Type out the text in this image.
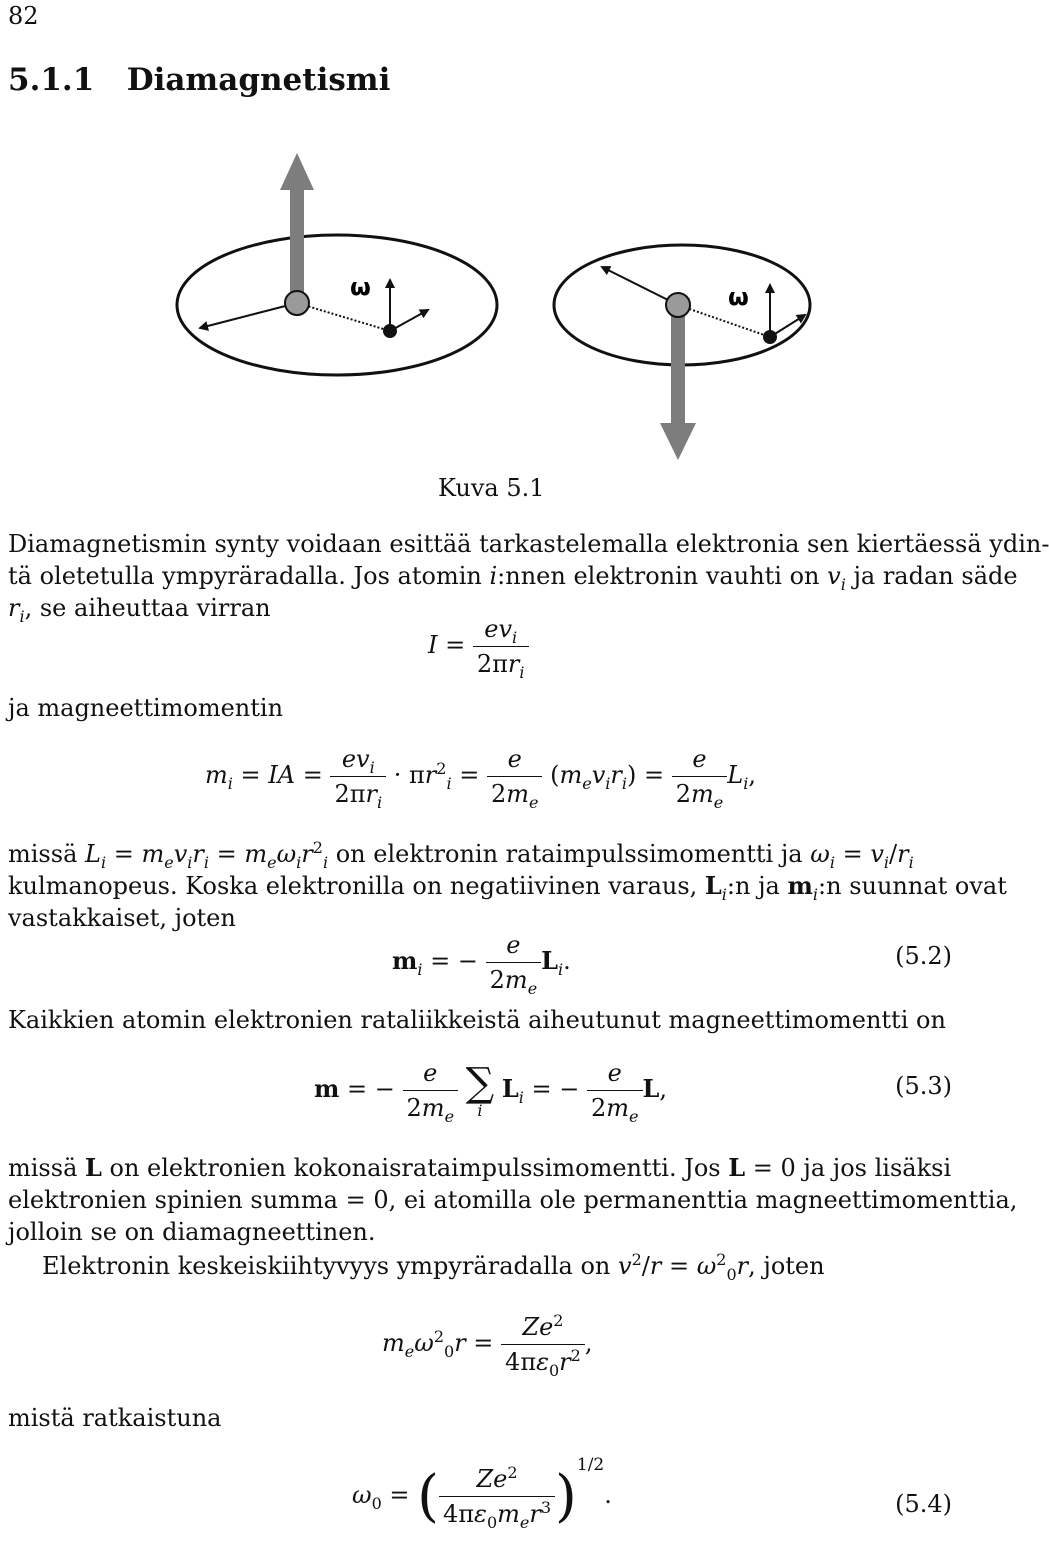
82
5.1.1 Diamagnetismi
ω	ω
Kuva 5.1
Diamagnetismin synty voidaan esittää tarkastelemalla elektronia sen kiertäessä ydin-
tä oletetulla ympyräradalla. Jos atomin i:nnen elektronin vauhti on $v_i$ ja radan säde
$r_i$, se aiheuttaa virran
$I = \frac{ev_i}{2\pi r_i}$
ja magneettimomentin
$m_i$ = IA = $\frac{ev_i}{2\pi r_i} \cdot \pi r^2_i = \frac{e}{2m_e} (m_ev_ir_i) = \frac{e}{2m_e} L_i$,
missä $L_i = m_ev_ir_i = m_e\omega_ir^2_i$ on elektronin rataimpulssimomentti ja $\omega_i = v_i/r_i$
kulmanopeus. Koska elektronilla on negatiivinen varaus, $L_i:n$ ja $m_i:n$ suunnat ovat
vastakkaiset, joten
$m_i$ = − $\frac{e}{2m_e} L_i$.	(5.2)
Kaikkien atomin elektronien rataliikkeistä aiheutunut magneettimomentti on
m = − $\frac{e}{2m_e}$ ∑
i
$L_i$ = − $\frac{e}{2m_e} L$,	(5.3)
missä L on elektronien kokonaisrataimpulssimomentti. Jos L = 0 ja jos lisäksi
elektronien spinien summa = 0, ei atomilla ole permanenttia magneettimomenttia,
jolloin se on diamagneettinen.
Elektronin keskeiskiihtyvyys ympyräradalla on $v^2/r = \omega^2_0r$, joten
$m_e\omega^2_0r = \frac{Ze^2}{4\pi\varepsilon_0r^2}$ ,
mistä ratkaistuna
$\omega_0$ = ( $\frac{Ze^2}{4\pi\varepsilon_0m_er^3} )^{1/2}$.	(5.4)
